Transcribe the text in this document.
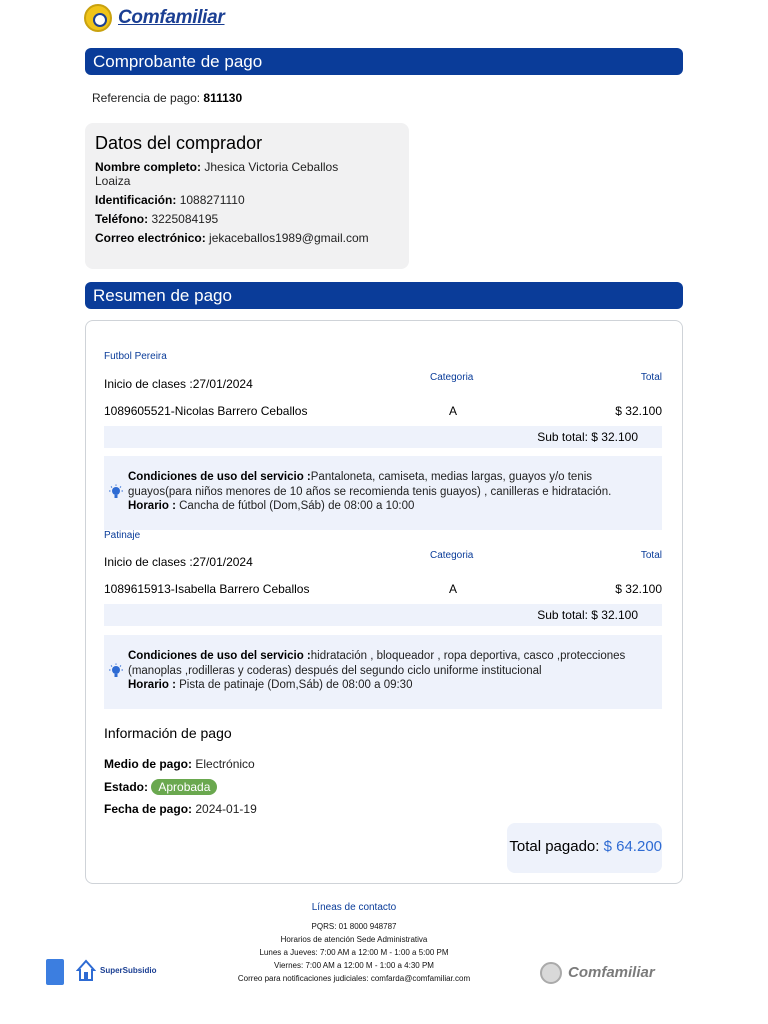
Comfamiliar
Comprobante de pago
Referencia de pago: 811130
Datos del comprador
Nombre completo: Jhesica Victoria Ceballos Loaiza
Identificación: 1088271110
Teléfono: 3225084195
Correo electrónico: jekaceballos1989@gmail.com
Resumen de pago
Futbol Pereira
Inicio de clases :27/01/2024	Categoria	Total
1089605521-Nicolas Barrero Ceballos	A	$ 32.100
Sub total: $ 32.100
Condiciones de uso del servicio :Pantaloneta, camiseta, medias largas, guayos y/o tenis guayos(para niños menores de 10 años se recomienda tenis guayos) , canilleras e hidratación.
Horario : Cancha de fútbol (Dom,Sáb) de 08:00 a 10:00
Patinaje
Inicio de clases :27/01/2024	Categoria	Total
1089615913-Isabella Barrero Ceballos	A	$ 32.100
Sub total: $ 32.100
Condiciones de uso del servicio :hidratación , bloqueador , ropa deportiva, casco ,protecciones (manoplas ,rodilleras y coderas) después del segundo ciclo uniforme institucional
Horario : Pista de patinaje (Dom,Sáb) de 08:00 a 09:30
Información de pago
Medio de pago: Electrónico
Estado: Aprobada
Fecha de pago: 2024-01-19
Total pagado: $ 64.200
Líneas de contacto
PQRS: 01 8000 948787
Horarios de atención Sede Administrativa
Lunes a Jueves: 7:00 AM a 12:00 M - 1:00 a 5:00 PM
Viernes: 7:00 AM a 12:00 M - 1:00 a 4:30 PM
Correo para notificaciones judiciales: comfarda@comfamiliar.com
SuperSubsidio	Comfamiliar
